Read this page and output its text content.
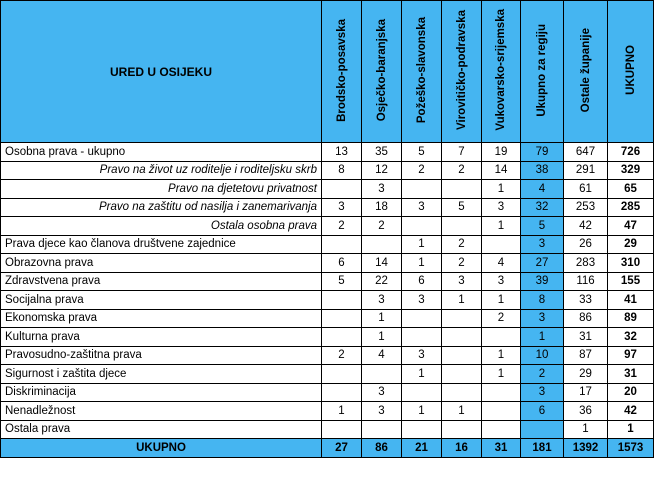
URED U OSIJEKU	Brodsko-posavska	Osječko-baranjska	Požeško-slavonska	Virovitičko-podravska	Vukovarsko-srijemska	Ukupno za regiju	Ostale županije	UKUPNO
Osobna prava - ukupno	13	35	5	7	19	79	647	726
Pravo na život uz roditelje i roditeljsku skrb	8	12	2	2	14	38	291	329
Pravo na djetetovu privatnost		3			1	4	61	65
Pravo na zaštitu od nasilja i zanemarivanja	3	18	3	5	3	32	253	285
Ostala osobna prava	2	2			1	5	42	47
Prava djece kao članova društvene zajednice			1	2		3	26	29
Obrazovna prava	6	14	1	2	4	27	283	310
Zdravstvena prava	5	22	6	3	3	39	116	155
Socijalna prava		3	3	1	1	8	33	41
Ekonomska prava		1			2	3	86	89
Kulturna prava		1				1	31	32
Pravosudno-zaštitna prava	2	4	3		1	10	87	97
Sigurnost i zaštita djece			1		1	2	29	31
Diskriminacija		3				3	17	20
Nenadležnost	1	3	1	1		6	36	42
Ostala prava							1	1
UKUPNO	27	86	21	16	31	181	1392	1573
